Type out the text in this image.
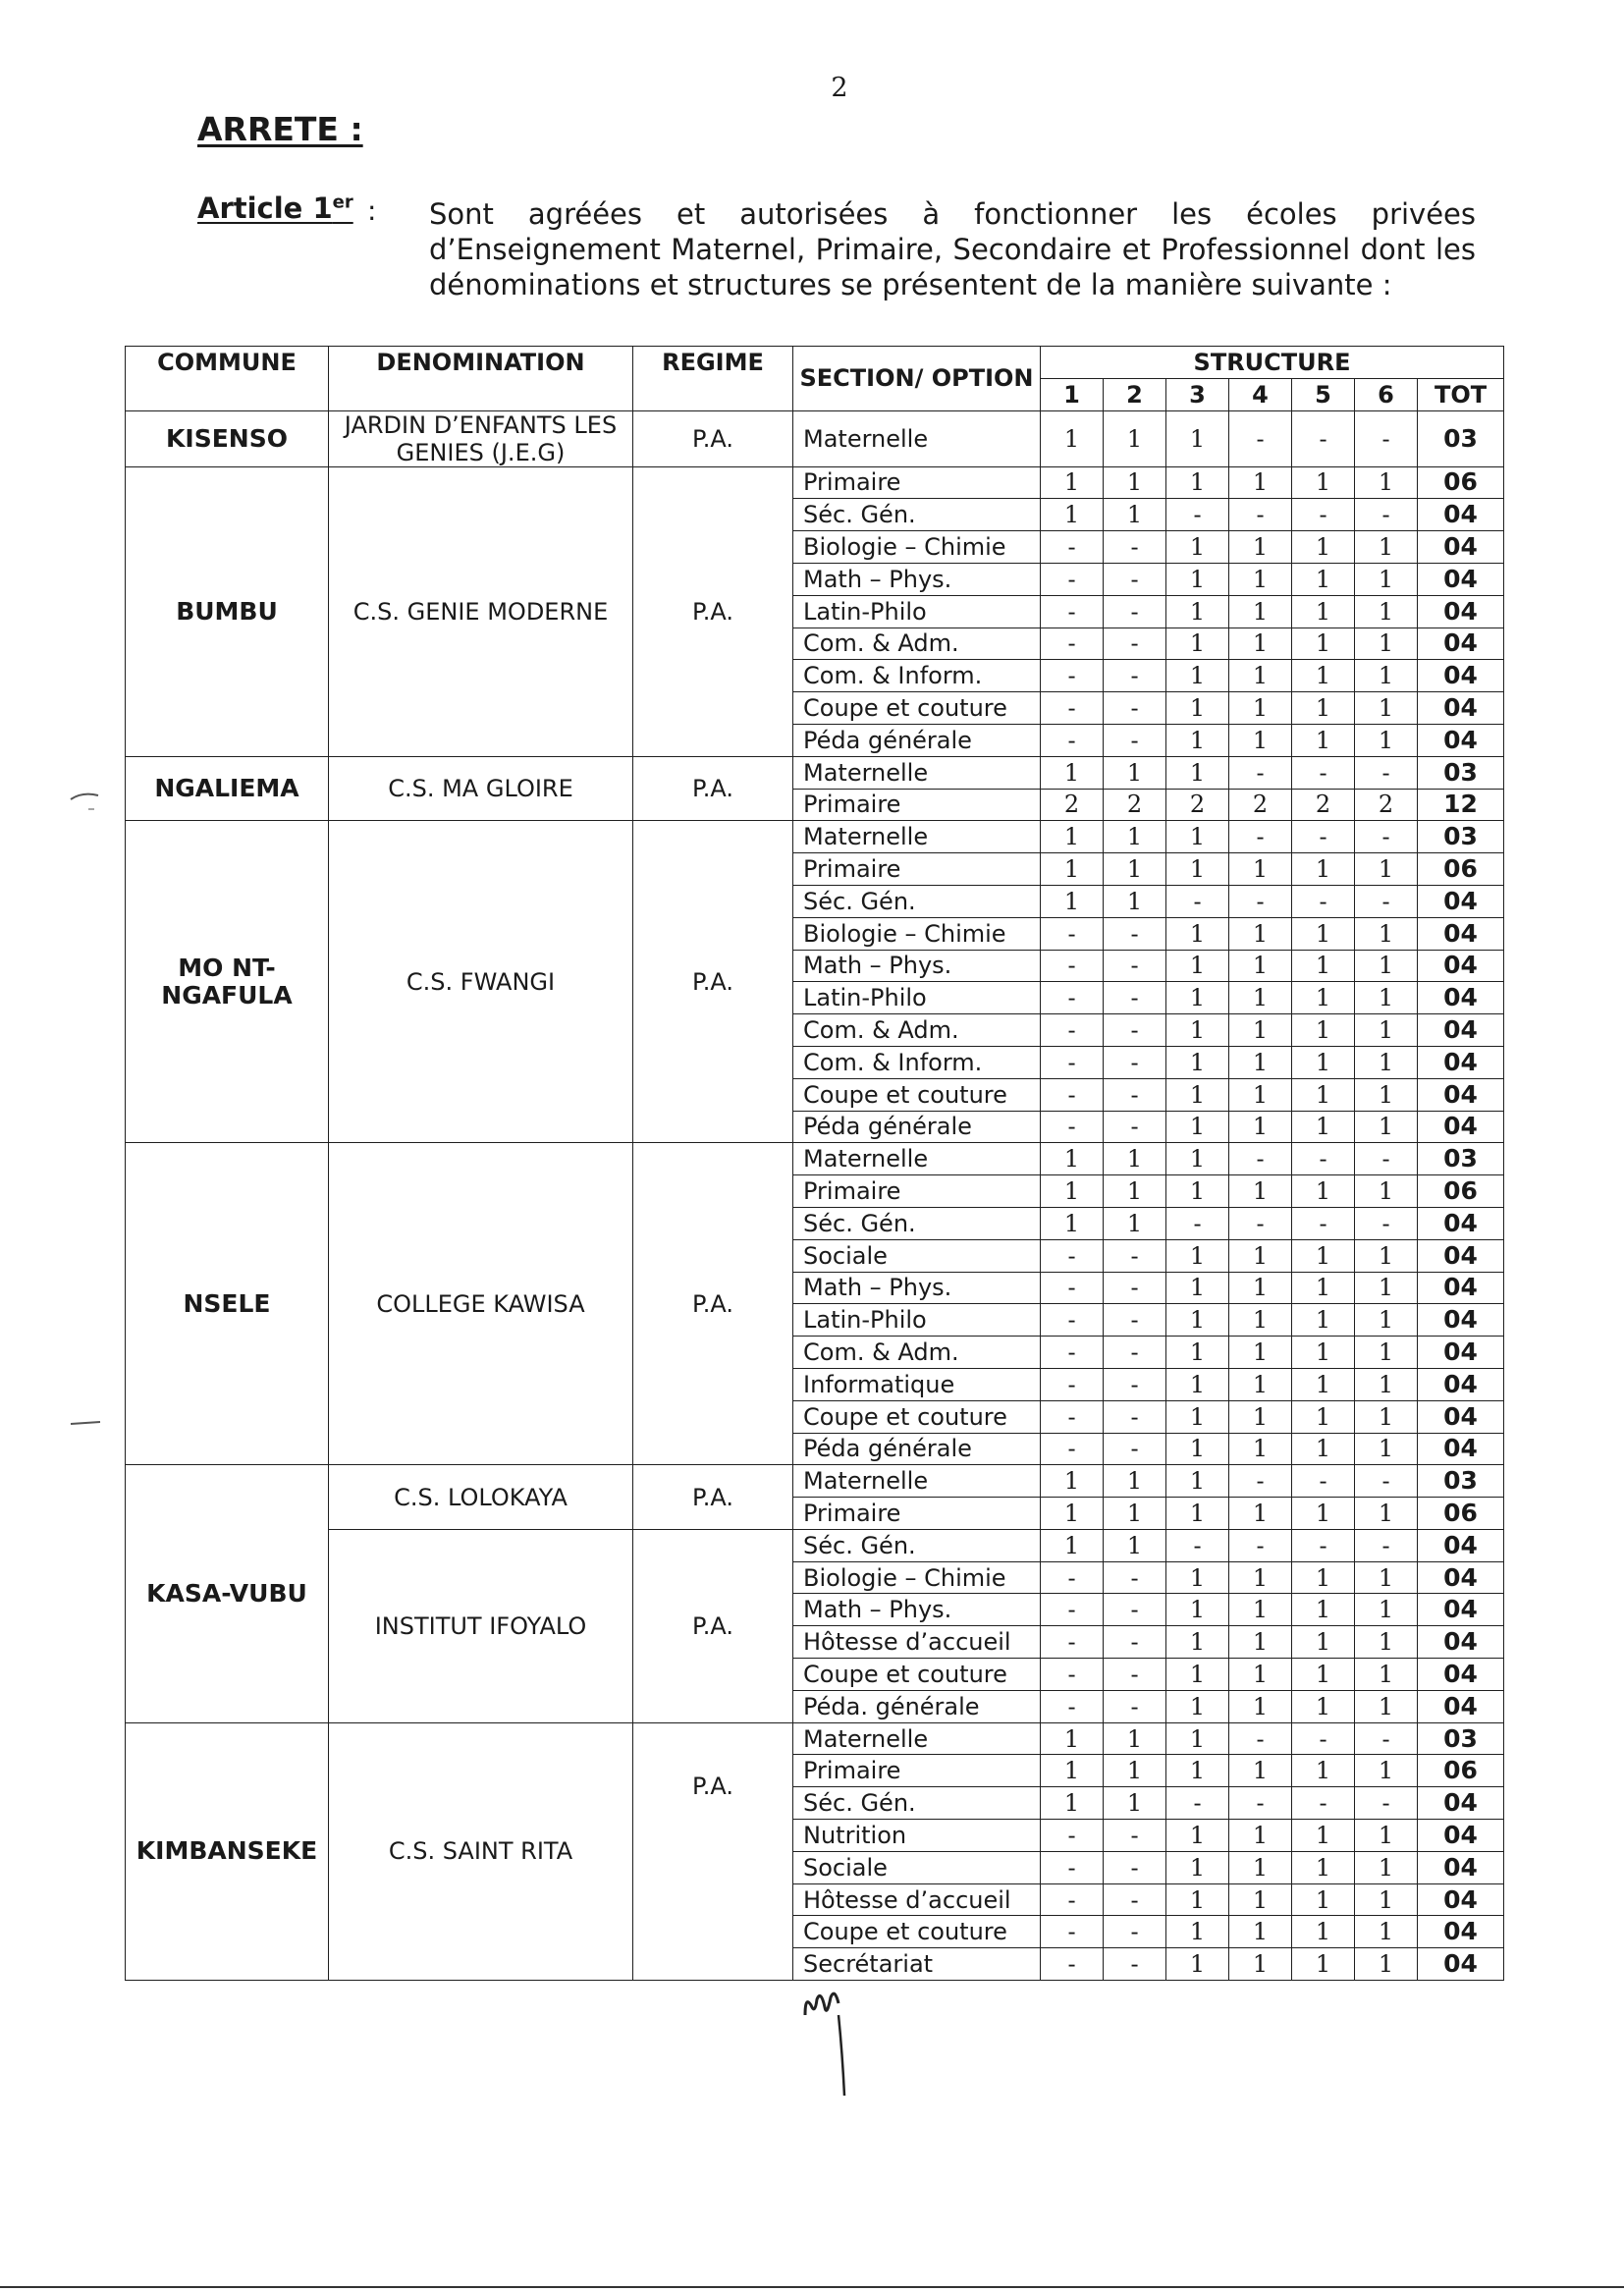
2
ARRETE :
Article 1er : Sont agréées et autorisées à fonctionner les écoles privées d’Enseignement Maternel, Primaire, Secondaire et Professionnel dont les dénominations et structures se présentent de la manière suivante :
COMMUNE	DENOMINATION	REGIME	SECTION/ OPTION	STRUCTURE						
				1	2	3	4	5	6	TOT
KISENSO	JARDIN D’ENFANTS LES GENIES (J.E.G)	P.A.	Maternelle	1	1	1	-	-	-	03
BUMBU	C.S. GENIE MODERNE	P.A.	Primaire	1	1	1	1	1	1	06
			Séc. Gén.	1	1	-	-	-	-	04
			Biologie – Chimie	-	-	1	1	1	1	04
			Math – Phys.	-	-	1	1	1	1	04
			Latin-Philo	-	-	1	1	1	1	04
			Com. & Adm.	-	-	1	1	1	1	04
			Com. & Inform.	-	-	1	1	1	1	04
			Coupe et couture	-	-	1	1	1	1	04
			Péda générale	-	-	1	1	1	1	04
NGALIEMA	C.S. MA GLOIRE	P.A.	Maternelle	1	1	1	-	-	-	03
			Primaire	2	2	2	2	2	2	12
MO NT-NGAFULA	C.S. FWANGI	P.A.	Maternelle	1	1	1	-	-	-	03
			Primaire	1	1	1	1	1	1	06
			Séc. Gén.	1	1	-	-	-	-	04
			Biologie – Chimie	-	-	1	1	1	1	04
			Math – Phys.	-	-	1	1	1	1	04
			Latin-Philo	-	-	1	1	1	1	04
			Com. & Adm.	-	-	1	1	1	1	04
			Com. & Inform.	-	-	1	1	1	1	04
			Coupe et couture	-	-	1	1	1	1	04
			Péda générale	-	-	1	1	1	1	04
NSELE	COLLEGE KAWISA	P.A.	Maternelle	1	1	1	-	-	-	03
			Primaire	1	1	1	1	1	1	06
			Séc. Gén.	1	1	-	-	-	-	04
			Sociale	-	-	1	1	1	1	04
			Math – Phys.	-	-	1	1	1	1	04
			Latin-Philo	-	-	1	1	1	1	04
			Com. & Adm.	-	-	1	1	1	1	04
			Informatique	-	-	1	1	1	1	04
			Coupe et couture	-	-	1	1	1	1	04
			Péda générale	-	-	1	1	1	1	04
KASA-VUBU	C.S. LOLOKAYA	P.A.	Maternelle	1	1	1	-	-	-	03
			Primaire	1	1	1	1	1	1	06
	INSTITUT IFOYALO	P.A.	Séc. Gén.	1	1	-	-	-	-	04
			Biologie – Chimie	-	-	1	1	1	1	04
			Math – Phys.	-	-	1	1	1	1	04
			Hôtesse d’accueil	-	-	1	1	1	1	04
			Coupe et couture	-	-	1	1	1	1	04
			Péda. générale	-	-	1	1	1	1	04
KIMBANSEKE	C.S. SAINT RITA	P.A.	Maternelle	1	1	1	-	-	-	03
			Primaire	1	1	1	1	1	1	06
			Séc. Gén.	1	1	-	-	-	-	04
			Nutrition	-	-	1	1	1	1	04
			Sociale	-	-	1	1	1	1	04
			Hôtesse d’accueil	-	-	1	1	1	1	04
			Coupe et couture	-	-	1	1	1	1	04
			Secrétariat	-	-	1	1	1	1	04
